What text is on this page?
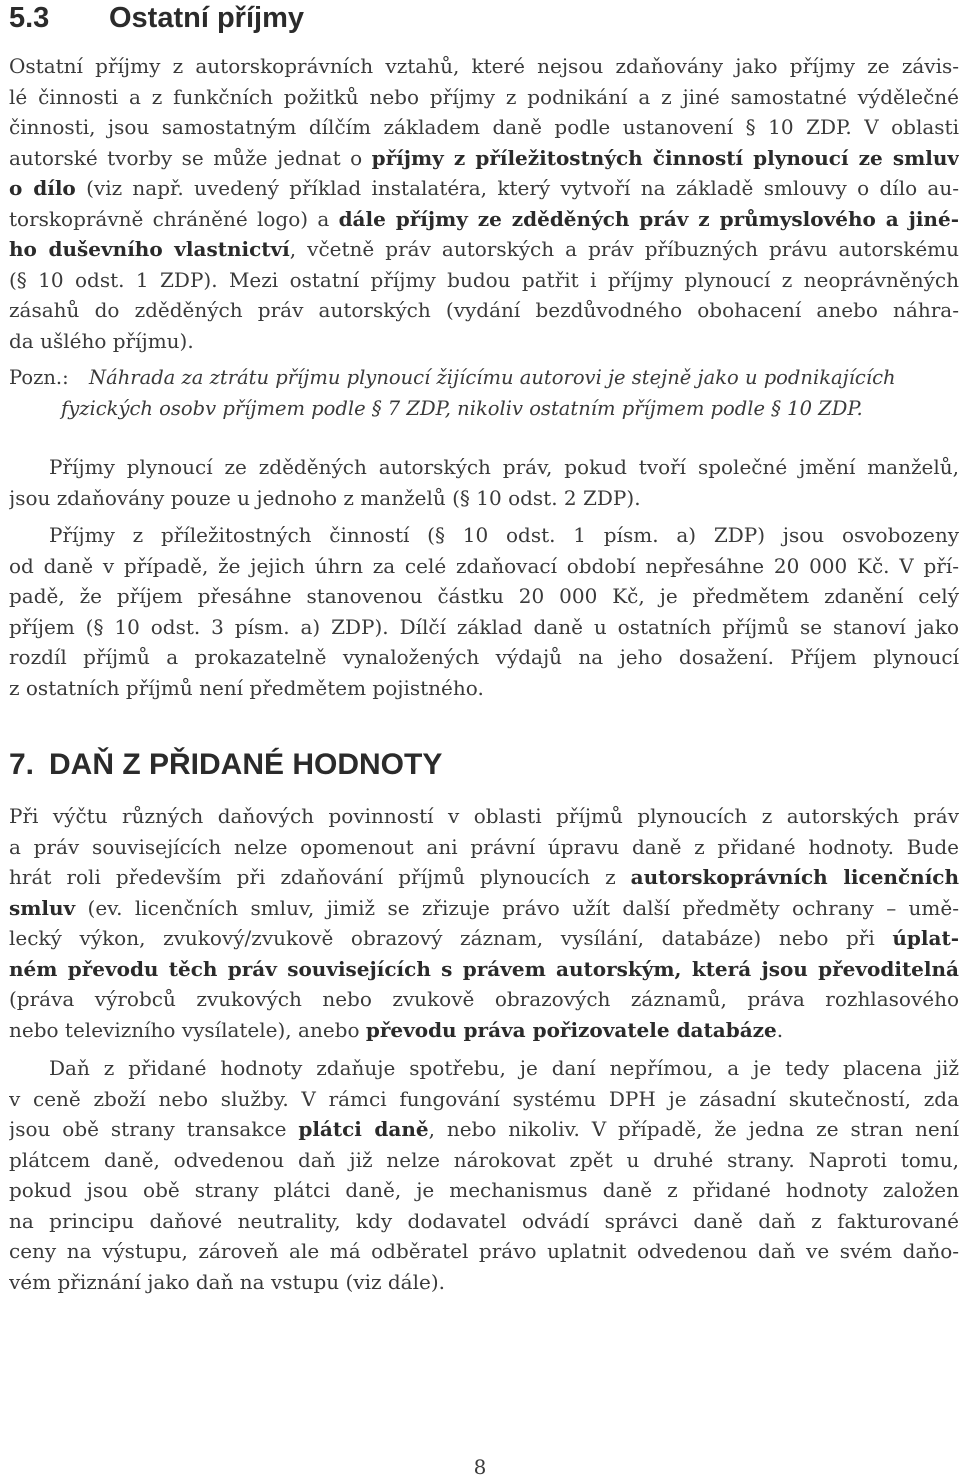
5.3 Ostatní příjmy
Ostatní příjmy z autorskoprávních vztahů, které nejsou zdaňovány jako příjmy ze závis-
lé činnosti a z funkčních požitků nebo příjmy z podnikání a z jiné samostatné výdělečné
činnosti, jsou samostatným dílčím základem daně podle ustanovení § 10 ZDP. V oblasti
autorské tvorby se může jednat o příjmy z příležitostných činností plynoucí ze smluv
o dílo (viz např. uvedený příklad instalatéra, který vytvoří na základě smlouvy o dílo au-
torskoprávně chráněné logo) a dále příjmy ze zděděných práv z průmyslového a jiné-
ho duševního vlastnictví, včetně práv autorských a práv příbuzných právu autorskému
(§ 10 odst. 1 ZDP). Mezi ostatní příjmy budou patřit i příjmy plynoucí z neoprávněných
zásahů do zděděných práv autorských (vydání bezdůvodného obohacení anebo náhra-
da ušlého příjmu).
Pozn.: Náhrada za ztrátu příjmu plynoucí žijícímu autorovi je stejně jako u podnikajících
fyzických osobv příjmem podle § 7 ZDP, nikoliv ostatním příjmem podle § 10 ZDP.
Příjmy plynoucí ze zděděných autorských práv, pokud tvoří společné jmění manželů,
jsou zdaňovány pouze u jednoho z manželů (§ 10 odst. 2 ZDP).
Příjmy z příležitostných činností (§ 10 odst. 1 písm. a) ZDP) jsou osvobozeny
od daně v případě, že jejich úhrn za celé zdaňovací období nepřesáhne 20 000 Kč. V pří-
padě, že příjem přesáhne stanovenou částku 20 000 Kč, je předmětem zdanění celý
příjem (§ 10 odst. 3 písm. a) ZDP). Dílčí základ daně u ostatních příjmů se stanoví jako
rozdíl příjmů a prokazatelně vynaložených výdajů na jeho dosažení. Příjem plynoucí
z ostatních příjmů není předmětem pojistného.
7. DAŇ Z PŘIDANÉ HODNOTY
Při výčtu různých daňových povinností v oblasti příjmů plynoucích z autorských práv
a práv souvisejících nelze opomenout ani právní úpravu daně z přidané hodnoty. Bude
hrát roli především při zdaňování příjmů plynoucích z autorskoprávních licenčních
smluv (ev. licenčních smluv, jimiž se zřizuje právo užít další předměty ochrany – umě-
lecký výkon, zvukový/zvukově obrazový záznam, vysílání, databáze) nebo při úplat-
ném převodu těch práv souvisejících s právem autorským, která jsou převoditelná
(práva výrobců zvukových nebo zvukově obrazových záznamů, práva rozhlasového
nebo televizního vysílatele), anebo převodu práva pořizovatele databáze.
Daň z přidané hodnoty zdaňuje spotřebu, je daní nepřímou, a je tedy placena již
v ceně zboží nebo služby. V rámci fungování systému DPH je zásadní skutečností, zda
jsou obě strany transakce plátci daně, nebo nikoliv. V případě, že jedna ze stran není
plátcem daně, odvedenou daň již nelze nárokovat zpět u druhé strany. Naproti tomu,
pokud jsou obě strany plátci daně, je mechanismus daně z přidané hodnoty založen
na principu daňové neutrality, kdy dodavatel odvádí správci daně daň z fakturované
ceny na výstupu, zároveň ale má odběratel právo uplatnit odvedenou daň ve svém daňo-
vém přiznání jako daň na vstupu (viz dále).
8
